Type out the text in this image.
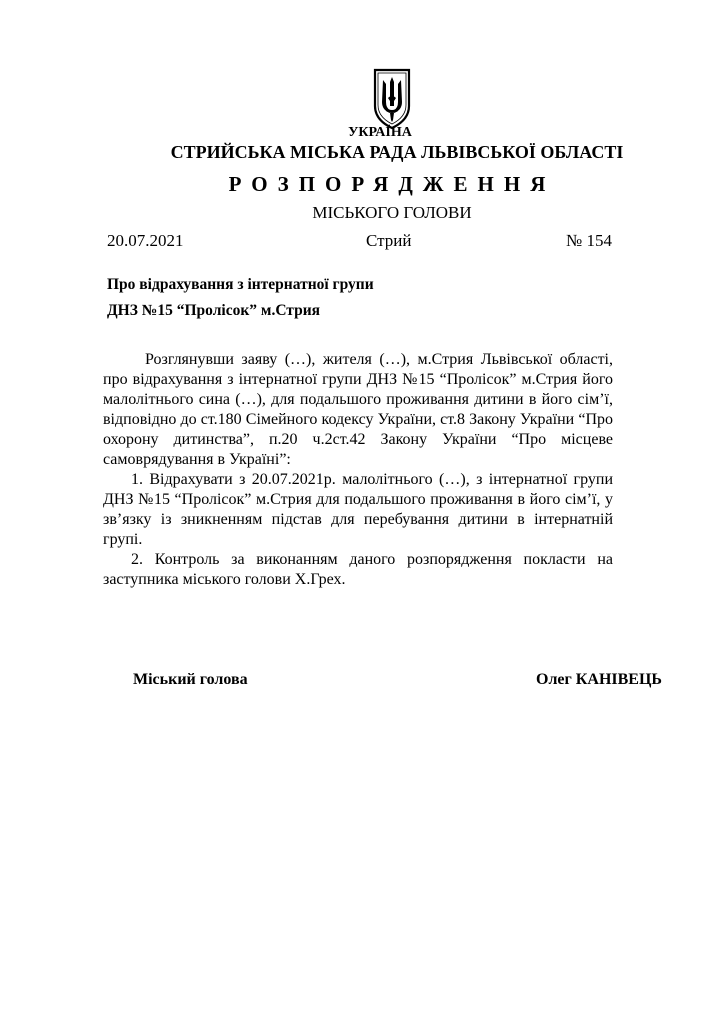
УКРАЇНА
СТРИЙСЬКА МІСЬКА РАДА ЛЬВІВСЬКОЇ ОБЛАСТІ
РОЗПОРЯДЖЕННЯ
МІСЬКОГО ГОЛОВИ
20.07.2021	Стрий	№ 154
Про відрахування з інтернатної групи
ДНЗ №15 “Пролісок” м.Стрия

Розглянувши заяву (…), жителя (…), м.Стрия Львівської області, про відрахування з інтернатної групи ДНЗ №15 “Пролісок” м.Стрия його малолітнього сина (…), для подальшого проживання дитини в його сім’ї, відповідно до ст.180 Сімейного кодексу України, ст.8 Закону України “Про охорону дитинства”, п.20 ч.2ст.42 Закону України “Про місцеве самоврядування в Україні”:

1. Відрахувати з 20.07.2021р. малолітнього (…), з інтернатної групи ДНЗ №15 “Пролісок” м.Стрия для подальшого проживання в його сім’ї, у зв’язку із зникненням підстав для перебування дитини в інтернатній групі.

2. Контроль за виконанням даного розпорядження покласти на заступника міського голови Х.Грех.

Міський голова	Олег КАНІВЕЦЬ
